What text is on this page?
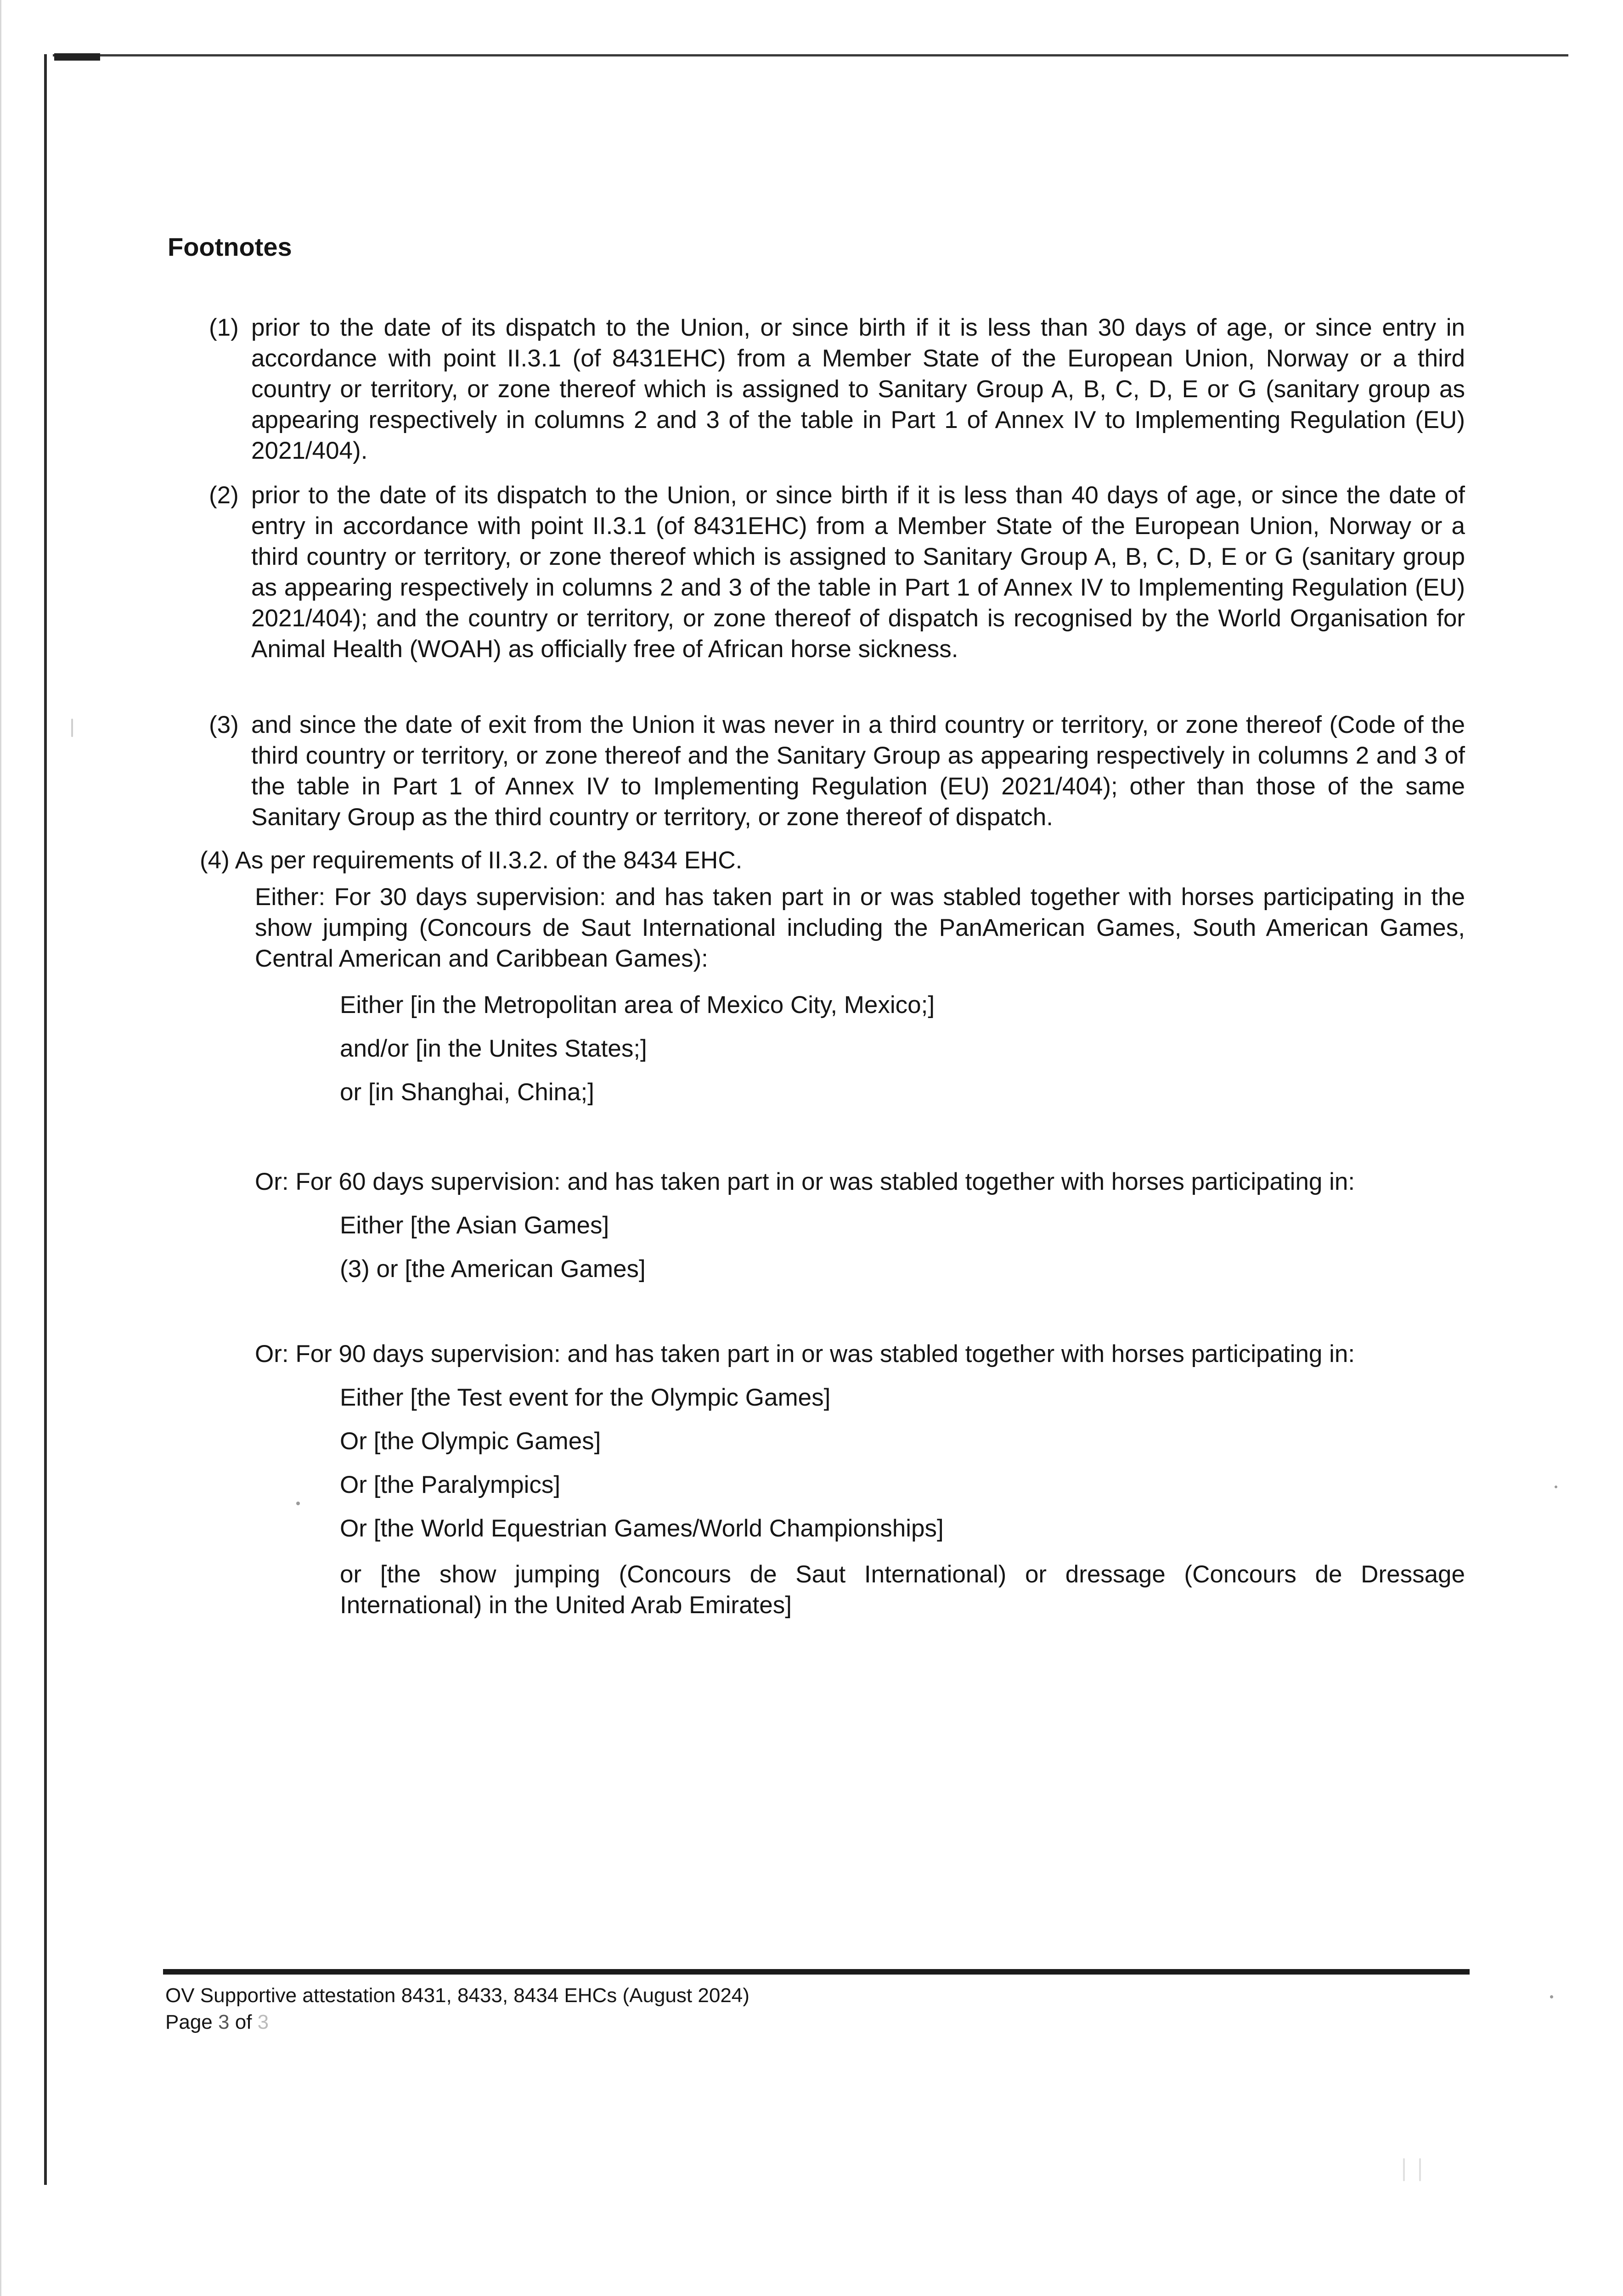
Footnotes
(1) prior to the date of its dispatch to the Union, or since birth if it is less than 30 days of age, or since entry in accordance with point II.3.1 (of 8431EHC) from a Member State of the European Union, Norway or a third country or territory, or zone thereof which is assigned to Sanitary Group A, B, C, D, E or G (sanitary group as appearing respectively in columns 2 and 3 of the table in Part 1 of Annex IV to Implementing Regulation (EU) 2021/404).
(2) prior to the date of its dispatch to the Union, or since birth if it is less than 40 days of age, or since the date of entry in accordance with point II.3.1 (of 8431EHC) from a Member State of the European Union, Norway or a third country or territory, or zone thereof which is assigned to Sanitary Group A, B, C, D, E or G (sanitary group as appearing respectively in columns 2 and 3 of the table in Part 1 of Annex IV to Implementing Regulation (EU) 2021/404); and the country or territory, or zone thereof of dispatch is recognised by the World Organisation for Animal Health (WOAH) as officially free of African horse sickness.
(3) and since the date of exit from the Union it was never in a third country or territory, or zone thereof (Code of the third country or territory, or zone thereof and the Sanitary Group as appearing respectively in columns 2 and 3 of the table in Part 1 of Annex IV to Implementing Regulation (EU) 2021/404); other than those of the same Sanitary Group as the third country or territory, or zone thereof of dispatch.
(4) As per requirements of II.3.2. of the 8434 EHC.
Either: For 30 days supervision: and has taken part in or was stabled together with horses participating in the show jumping (Concours de Saut International including the PanAmerican Games, South American Games, Central American and Caribbean Games):
Either [in the Metropolitan area of Mexico City, Mexico;]
and/or [in the Unites States;]
or [in Shanghai, China;]
Or: For 60 days supervision: and has taken part in or was stabled together with horses participating in:
Either [the Asian Games]
(3) or [the American Games]
Or: For 90 days supervision: and has taken part in or was stabled together with horses participating in:
Either [the Test event for the Olympic Games]
Or [the Olympic Games]
Or [the Paralympics]
Or [the World Equestrian Games/World Championships]
or [the show jumping (Concours de Saut International) or dressage (Concours de Dressage International) in the United Arab Emirates]
OV Supportive attestation 8431, 8433, 8434 EHCs (August 2024)
Page 3 of 3
